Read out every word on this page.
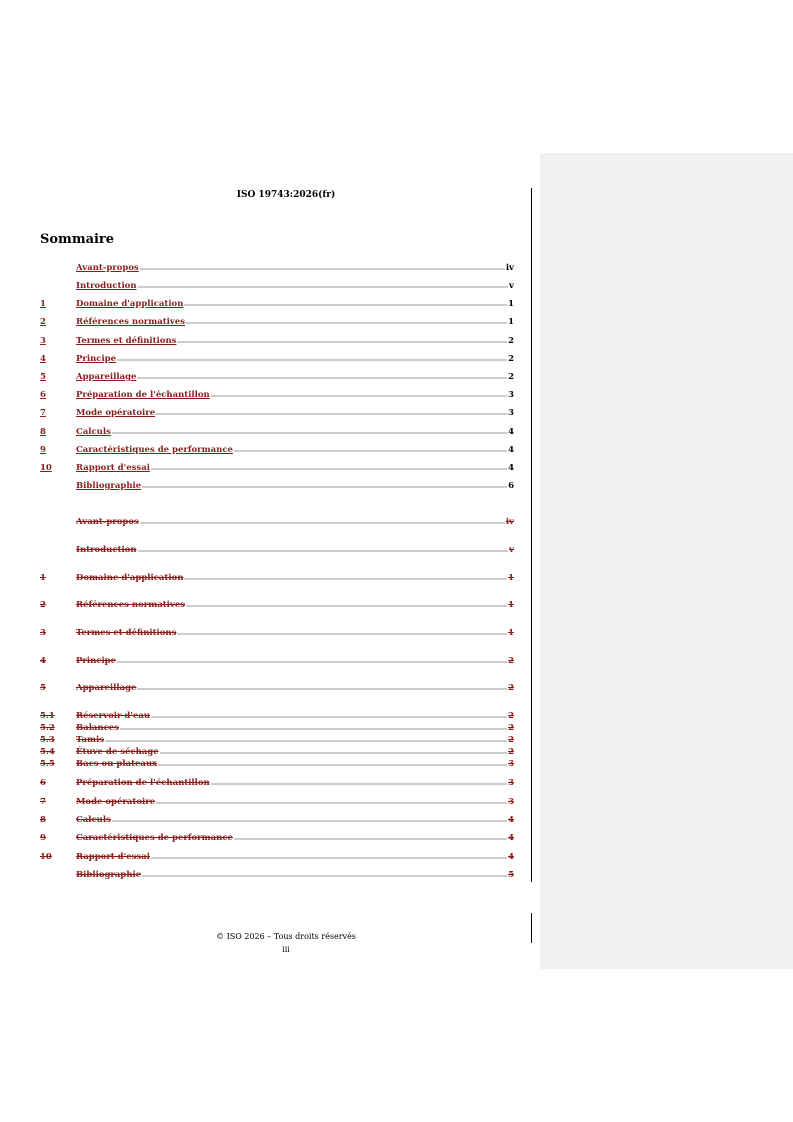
ISO 19743:2026(fr)
Sommaire
Avant-propos	iv
Introduction	v
1	Domaine d'application	1
2	Références normatives	1
3	Termes et définitions	2
4	Principe	2
5	Appareillage	2
6	Préparation de l'échantillon	3
7	Mode opératoire	3
8	Calculs	4
9	Caractéristiques de performance	4
10	Rapport d'essai	4
Bibliographie	6
Avant-propos	iv
Introduction	v
1	Domaine d'application	1
2	Références normatives	1
3	Termes et définitions	1
4	Principe	2
5	Appareillage	2
5.1	Réservoir d'eau	2
5.2	Balances	2
5.3	Tamis	2
5.4	Étuve de séchage	2
5.5	Bacs ou plateaux	3
6	Préparation de l'échantillon	3
7	Mode opératoire	3
8	Calculs	4
9	Caractéristiques de performance	4
10	Rapport d'essai	4
Bibliographie	5
© ISO 2026 – Tous droits réservés
iii
